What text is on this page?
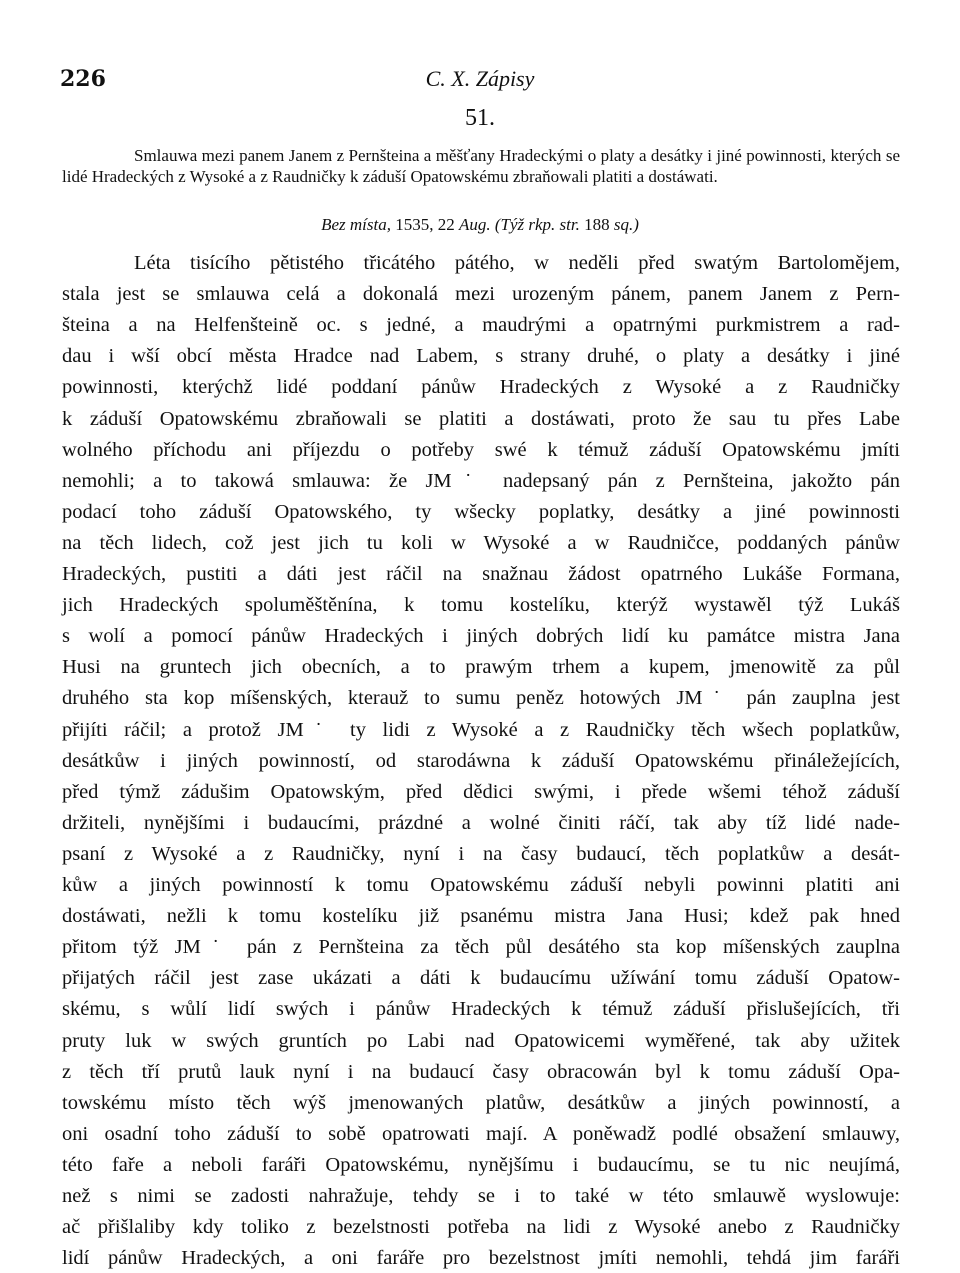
226	C. X. Zápisy
51.

Smlauwa mezi panem Janem z Pernšteina a měšťany Hradeckými o platy a desátky i jiné powinnosti, kterých se lidé Hradeckých z Wysoké a z Raudničky k záduší Opatowskému zbraňowali platiti a dostáwati.

Bez místa, 1535, 22 Aug. (Týž rkp. str. 188 sq.)
Léta tisícího pětistého třicátého pátého, w neděli před swatým Bartolomějem,
stala jest se smlauwa celá a dokonalá mezi urozeným pánem, panem Janem z Pern-
šteina a na Helfenšteině oc. s jedné, a maudrými a opatrnými purkmistrem a rad-
dau i wší obcí města Hradce nad Labem, s strany druhé, o platy a desátky i jiné
powinnosti, kterýchž lidé poddaní pánůw Hradeckých z Wysoké a z Raudničky
k záduší Opatowskému zbraňowali se platiti a dostáwati, proto že sau tu přes Labe
wolného příchodu ani příjezdu o potřeby swé k témuž záduší Opatowskému jmíti
nemohli; a to takowá smlauwa: že JM˙ nadepsaný pán z Pernšteina, jakožto pán
podací toho záduší Opatowského, ty wšecky poplatky, desátky a jiné powinnosti
na těch lidech, což jest jich tu koli w Wysoké a w Raudničce, poddaných pánůw
Hradeckých, pustiti a dáti jest ráčil na snažnau žádost opatrného Lukáše Formana,
jich Hradeckých spoluměštěnína, k tomu kostelíku, kterýž wystawěl týž Lukáš
s wolí a pomocí pánůw Hradeckých i jiných dobrých lidí ku památce mistra Jana
Husi na gruntech jich obecních, a to prawým trhem a kupem, jmenowitě za půl
druhého sta kop míšenských, kterauž to sumu peněz hotowých JM˙ pán zauplna jest
přijíti ráčil; a protož JM˙ ty lidi z Wysoké a z Raudničky těch wšech poplatkůw,
desátkůw i jiných powinností, od starodáwna k záduší Opatowskému přináležejících,
před týmž zádušim Opatowským, před dědici swými, i přede wšemi téhož záduší
držiteli, nynějšími i budaucími, prázdné a wolné činiti ráčí, tak aby tíž lidé nade-
psaní z Wysoké a z Raudničky, nyní i na časy budaucí, těch poplatkůw a desát-
kůw a jiných powinností k tomu Opatowskému záduší nebyli powinni platiti ani
dostáwati, nežli k tomu kostelíku již psanému mistra Jana Husi; kdež pak hned
přitom týž JM˙ pán z Pernšteina za těch půl desátého sta kop míšenských zauplna
přijatých ráčil jest zase ukázati a dáti k budaucímu užíwání tomu záduší Opatow-
skému, s wůlí lidí swých i pánůw Hradeckých k témuž záduší přislušejících, tři
pruty luk w swých gruntích po Labi nad Opatowicemi wyměřené, tak aby užitek
z těch tří prutů lauk nyní i na budaucí časy obracowán byl k tomu záduší Opa-
towskému místo těch wýš jmenowaných platůw, desátkůw a jiných powinností, a
oni osadní toho záduší to sobě opatrowati mají. A poněwadž podlé obsažení smlauwy,
této faře a neboli faráři Opatowskému, nynějšímu i budaucímu, se tu nic neujímá,
než s nimi se zadosti nahražuje, tehdy se i to také w této smlauwě wyslowuje:
ač přišlaliby kdy toliko z bezelstnosti potřeba na lidi z Wysoké anebo z Raudničky
lidí pánůw Hradeckých, a oni faráře pro bezelstnost jmíti nemohli, tehdá jim faráři
